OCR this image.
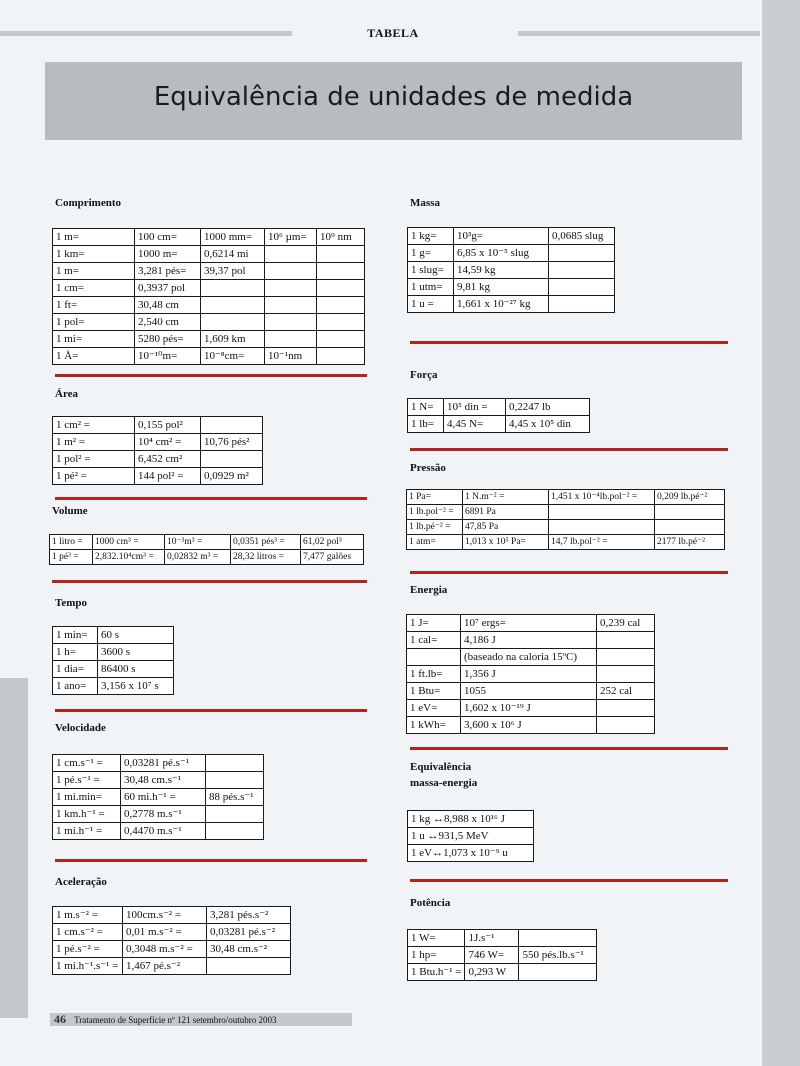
TABELA
Equivalência de unidades de medida
Comprimento
1 m=	100 cm=	1000 mm=	10⁶ µm=	10⁹ nm
1 km=	1000 m=	0,6214 mi		
1 m=	3,281 pés=	39,37 pol		
1 cm=	0,3937 pol			
1 ft=	30,48 cm			
1 pol=	2,540 cm			
1 mi=	5280 pés=	1,609 km		
1 Å=	10⁻¹⁰m=	10⁻⁸cm=	10⁻¹nm	
Área
1 cm² =	0,155 pol²	
1 m² =	10⁴ cm² =	10,76 pés²
1 pol² =	6,452 cm²	
1 pé² =	144 pol² =	0,0929 m²
Volume
1 litro =	1000 cm³ =	10⁻³m³ =	0,0351 pés³ =	61,02 pol³
1 pé³ =	2,832.10⁴cm³ =	0,02832 m³ =	28,32 litros =	7,477 galões
Tempo
1 min=	60 s
1 h=	3600 s
1 dia=	86400 s
1 ano=	3,156 x 10⁷ s
Velocidade
1 cm.s⁻¹ =	0,03281 pé.s⁻¹	
1 pé.s⁻¹ =	30,48 cm.s⁻¹	
1 mi.min=	60 mi.h⁻¹ =	88 pés.s⁻¹
1 km.h⁻¹ =	0,2778 m.s⁻¹	
1 mi.h⁻¹ =	0,4470 m.s⁻¹	
Aceleração
1 m.s⁻² =	100cm.s⁻² =	3,281 pés.s⁻²
1 cm.s⁻² =	0,01 m.s⁻² =	0,03281 pé.s⁻²
1 pé.s⁻² =	0,3048 m.s⁻² =	30,48 cm.s⁻²
1 mi.h⁻¹.s⁻¹ =	1,467 pé.s⁻²	
Massa
1 kg=	10³g=	0,0685 slug
1 g=	6,85 x 10⁻⁵ slug	
1 slug=	14,59 kg	
1 utm=	9,81 kg	
1 u =	1,661 x 10⁻²⁷ kg	
Força
1 N=	10⁵ din =	0,2247 lb
1 lb=	4,45 N=	4,45 x 10⁵ din
Pressão
1 Pa=	1 N.m⁻² =	1,451 x 10⁻⁴lb.pol⁻² =	0,209 lb.pé⁻²
1 lb.pol⁻² =	6891 Pa		
1 lb.pé⁻² =	47,85 Pa		
1 atm=	1,013 x 10⁵ Pa=	14,7 lb.pol⁻² =	2177 lb.pé⁻²
Energia
1 J=	10⁷ ergs=	0,239 cal
1 cal=	4,186 J	
	(baseado na caloria 15ºC)	
1 ft.lb=	1,356 J	
1 Btu=	1055	252 cal
1 eV=	1,602 x 10⁻¹⁹ J	
1 kWh=	3,600 x 10⁶ J	
Equivalência
massa-energia
1 kg ↔8,988 x 10¹⁶ J
1 u ↔931,5 MeV
1 eV↔1,073 x 10⁻⁹ u
Potência
1 W=	1J.s⁻¹	
1 hp=	746 W=	550 pés.lb.s⁻¹
1 Btu.h⁻¹ =	0,293 W	
46 Tratamento de Superfície nº 121 setembro/outubro 2003
